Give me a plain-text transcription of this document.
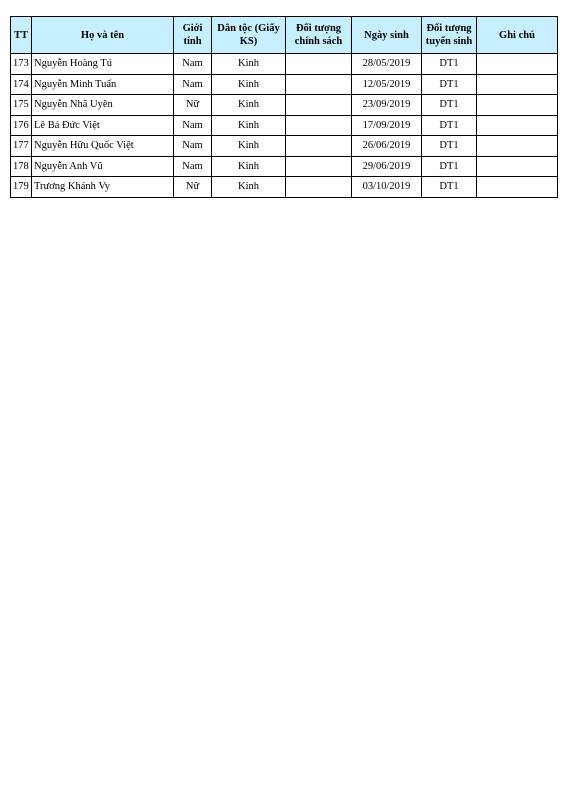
TT	Họ và tên	Giới tính	Dân tộc (Giấy KS)	Đối tượng chính sách	Ngày sinh	Đối tượng tuyển sinh	Ghi chú
173	Nguyễn Hoàng Tú	Nam	Kinh		28/05/2019	DT1	
174	Nguyễn Minh Tuấn	Nam	Kinh		12/05/2019	DT1	
175	Nguyễn Nhã Uyên	Nữ	Kinh		23/09/2019	DT1	
176	Lê Bá Đức Việt	Nam	Kinh		17/09/2019	DT1	
177	Nguyễn Hữu Quốc Việt	Nam	Kinh		26/06/2019	DT1	
178	Nguyễn Anh Vũ	Nam	Kinh		29/06/2019	DT1	
179	Trương Khánh Vy	Nữ	Kinh		03/10/2019	DT1	
